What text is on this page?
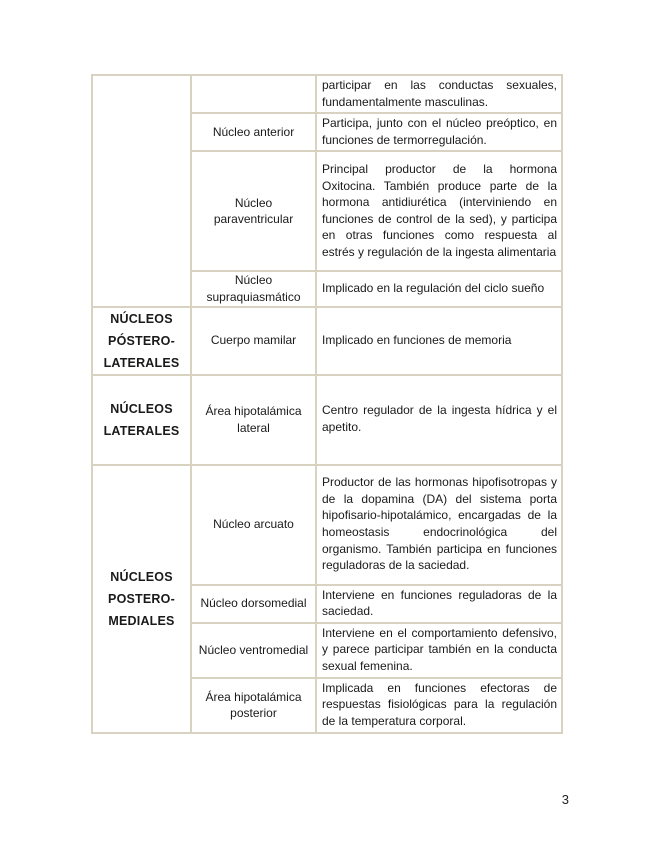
		participar en las conductas sexuales, fundamentalmente masculinas.
	Núcleo anterior	Participa, junto con el núcleo preóptico, en funciones de termorregulación.
	Núcleo paraventricular	Principal productor de la hormona Oxitocina. También produce parte de la hormona antidiurética (interviniendo en funciones de control de la sed), y participa en otras funciones como respuesta al estrés y regulación de la ingesta alimentaria
	Núcleo supraquiasmático	Implicado en la regulación del ciclo sueño

NÚCLEOS PÓSTERO-LATERALES	Cuerpo mamilar	Implicado en funciones de memoria

NÚCLEOS LATERALES	Área hipotalámica lateral	Centro regulador de la ingesta hídrica y el apetito.

NÚCLEOS POSTERO-MEDIALES	Núcleo arcuato	Productor de las hormonas hipofisotropas y de la dopamina (DA) del sistema porta hipofisario-hipotalámico, encargadas de la homeostasis endocrinológica del organismo. También participa en funciones reguladoras de la saciedad.
	Núcleo dorsomedial	Interviene en funciones reguladoras de la saciedad.
	Núcleo ventromedial	Interviene en el comportamiento defensivo, y parece participar también en la conducta sexual femenina.
	Área hipotalámica posterior	Implicada en funciones efectoras de respuestas fisiológicas para la regulación de la temperatura corporal.
3
